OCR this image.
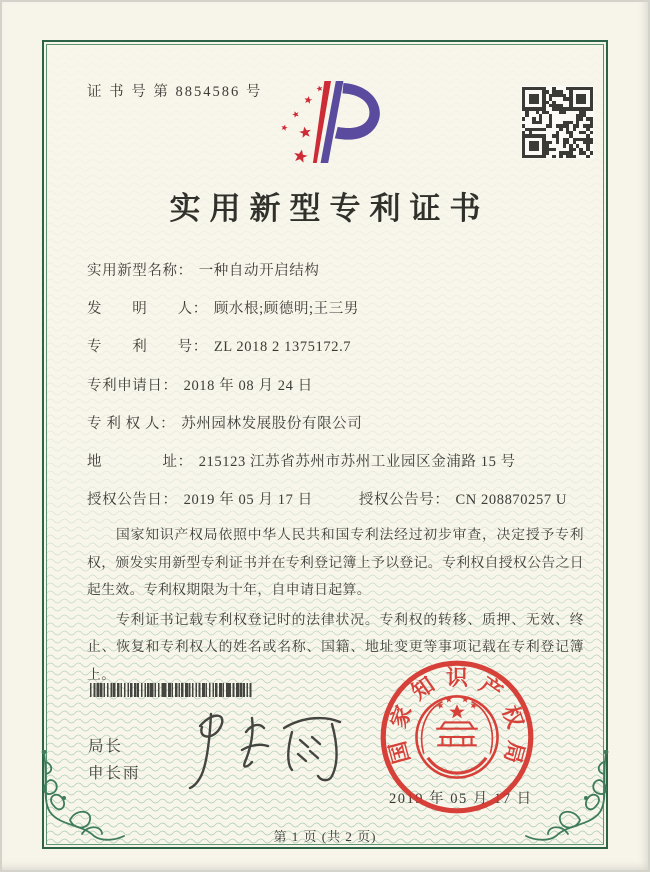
证 书 号 第 8854586 号
实用新型专利证书
实用新型名称： 一种自动开启结构
发　　明　　人： 顾水根;顾德明;王三男
专　　利　　号： ZL 2018 2 1375172.7
专利申请日： 2018 年 08 月 24 日
专 利 权 人： 苏州园林发展股份有限公司
地　　　　址： 215123 江苏省苏州市苏州工业园区金浦路 15 号
授权公告日： 2019 年 05 月 17 日	授权公告号： CN 208870257 U

国家知识产权局依照中华人民共和国专利法经过初步审查，决定授予专利权，颁发实用新型专利证书并在专利登记簿上予以登记。专利权自授权公告之日起生效。专利权期限为十年，自申请日起算。

专利证书记载专利权登记时的法律状况。专利权的转移、质押、无效、终止、恢复和专利权人的姓名或名称、国籍、地址变更等事项记载在专利登记簿上。

局长
申长雨
2019 年 05 月 17 日
第 1 页 (共 2 页)
国
家
知 识 产
权
局
